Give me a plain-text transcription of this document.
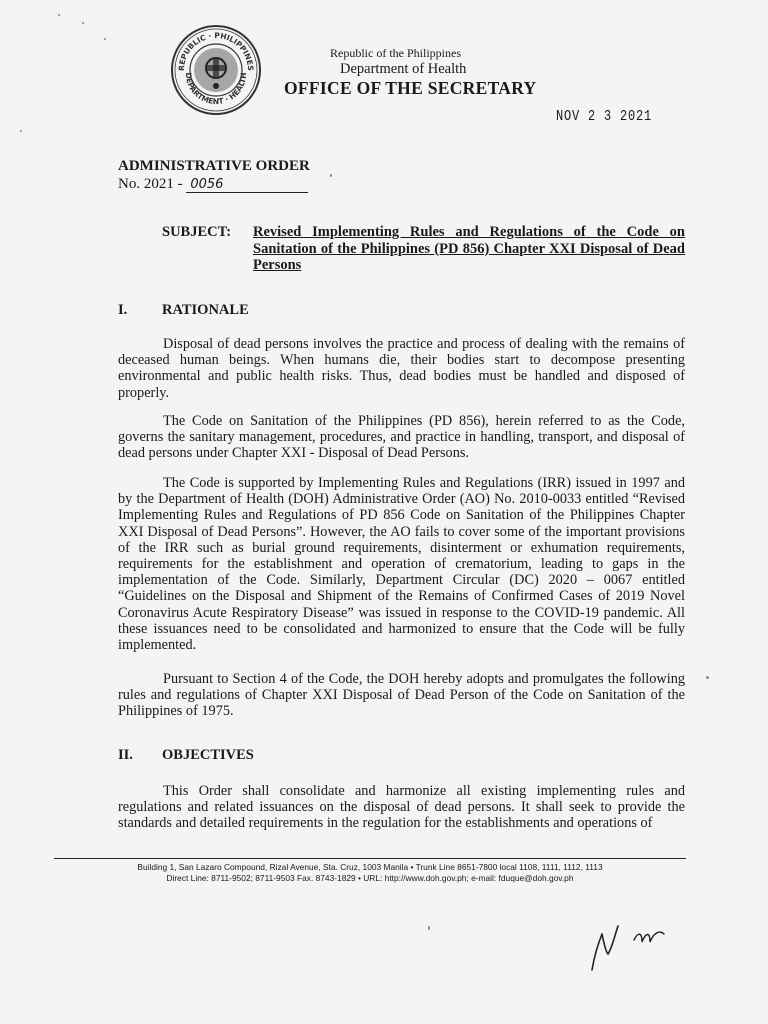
REPUBLIC · PHILIPPINES
DEPARTMENT · HEALTH
Republic of the Philippines
Department of Health
OFFICE OF THE SECRETARY
NOV 2 3 2021
ADMINISTRATIVE ORDER
No. 2021 - 0056
SUBJECT: Revised Implementing Rules and Regulations of the Code on Sanitation of the Philippines (PD 856) Chapter XXI Disposal of Dead Persons
I. RATIONALE

Disposal of dead persons involves the practice and process of dealing with the remains of deceased human beings. When humans die, their bodies start to decompose presenting environmental and public health risks. Thus, dead bodies must be handled and disposed of properly.

The Code on Sanitation of the Philippines (PD 856), herein referred to as the Code, governs the sanitary management, procedures, and practice in handling, transport, and disposal of dead persons under Chapter XXI - Disposal of Dead Persons.

The Code is supported by Implementing Rules and Regulations (IRR) issued in 1997 and by the Department of Health (DOH) Administrative Order (AO) No. 2010-0033 entitled “Revised Implementing Rules and Regulations of PD 856 Code on Sanitation of the Philippines Chapter XXI Disposal of Dead Persons”. However, the AO fails to cover some of the important provisions of the IRR such as burial ground requirements, disinterment or exhumation requirements, requirements for the establishment and operation of crematorium, leading to gaps in the implementation of the Code. Similarly, Department Circular (DC) 2020 – 0067 entitled “Guidelines on the Disposal and Shipment of the Remains of Confirmed Cases of 2019 Novel Coronavirus Acute Respiratory Disease” was issued in response to the COVID-19 pandemic. All these issuances need to be consolidated and harmonized to ensure that the Code will be fully implemented.

Pursuant to Section 4 of the Code, the DOH hereby adopts and promulgates the following rules and regulations of Chapter XXI Disposal of Dead Person of the Code on Sanitation of the Philippines of 1975.

II. OBJECTIVES

This Order shall consolidate and harmonize all existing implementing rules and regulations and related issuances on the disposal of dead persons. It shall seek to provide the standards and detailed requirements in the regulation for the establishments and operations of

Building 1, San Lazaro Compound, Rizal Avenue, Sta. Cruz, 1003 Manila • Trunk Line 8651-7800 local 1108, 1111, 1112, 1113
Direct Line: 8711-9502; 8711-9503 Fax. 8743-1829 • URL: http://www.doh.gov.ph; e-mail: fduque@doh.gov.ph
